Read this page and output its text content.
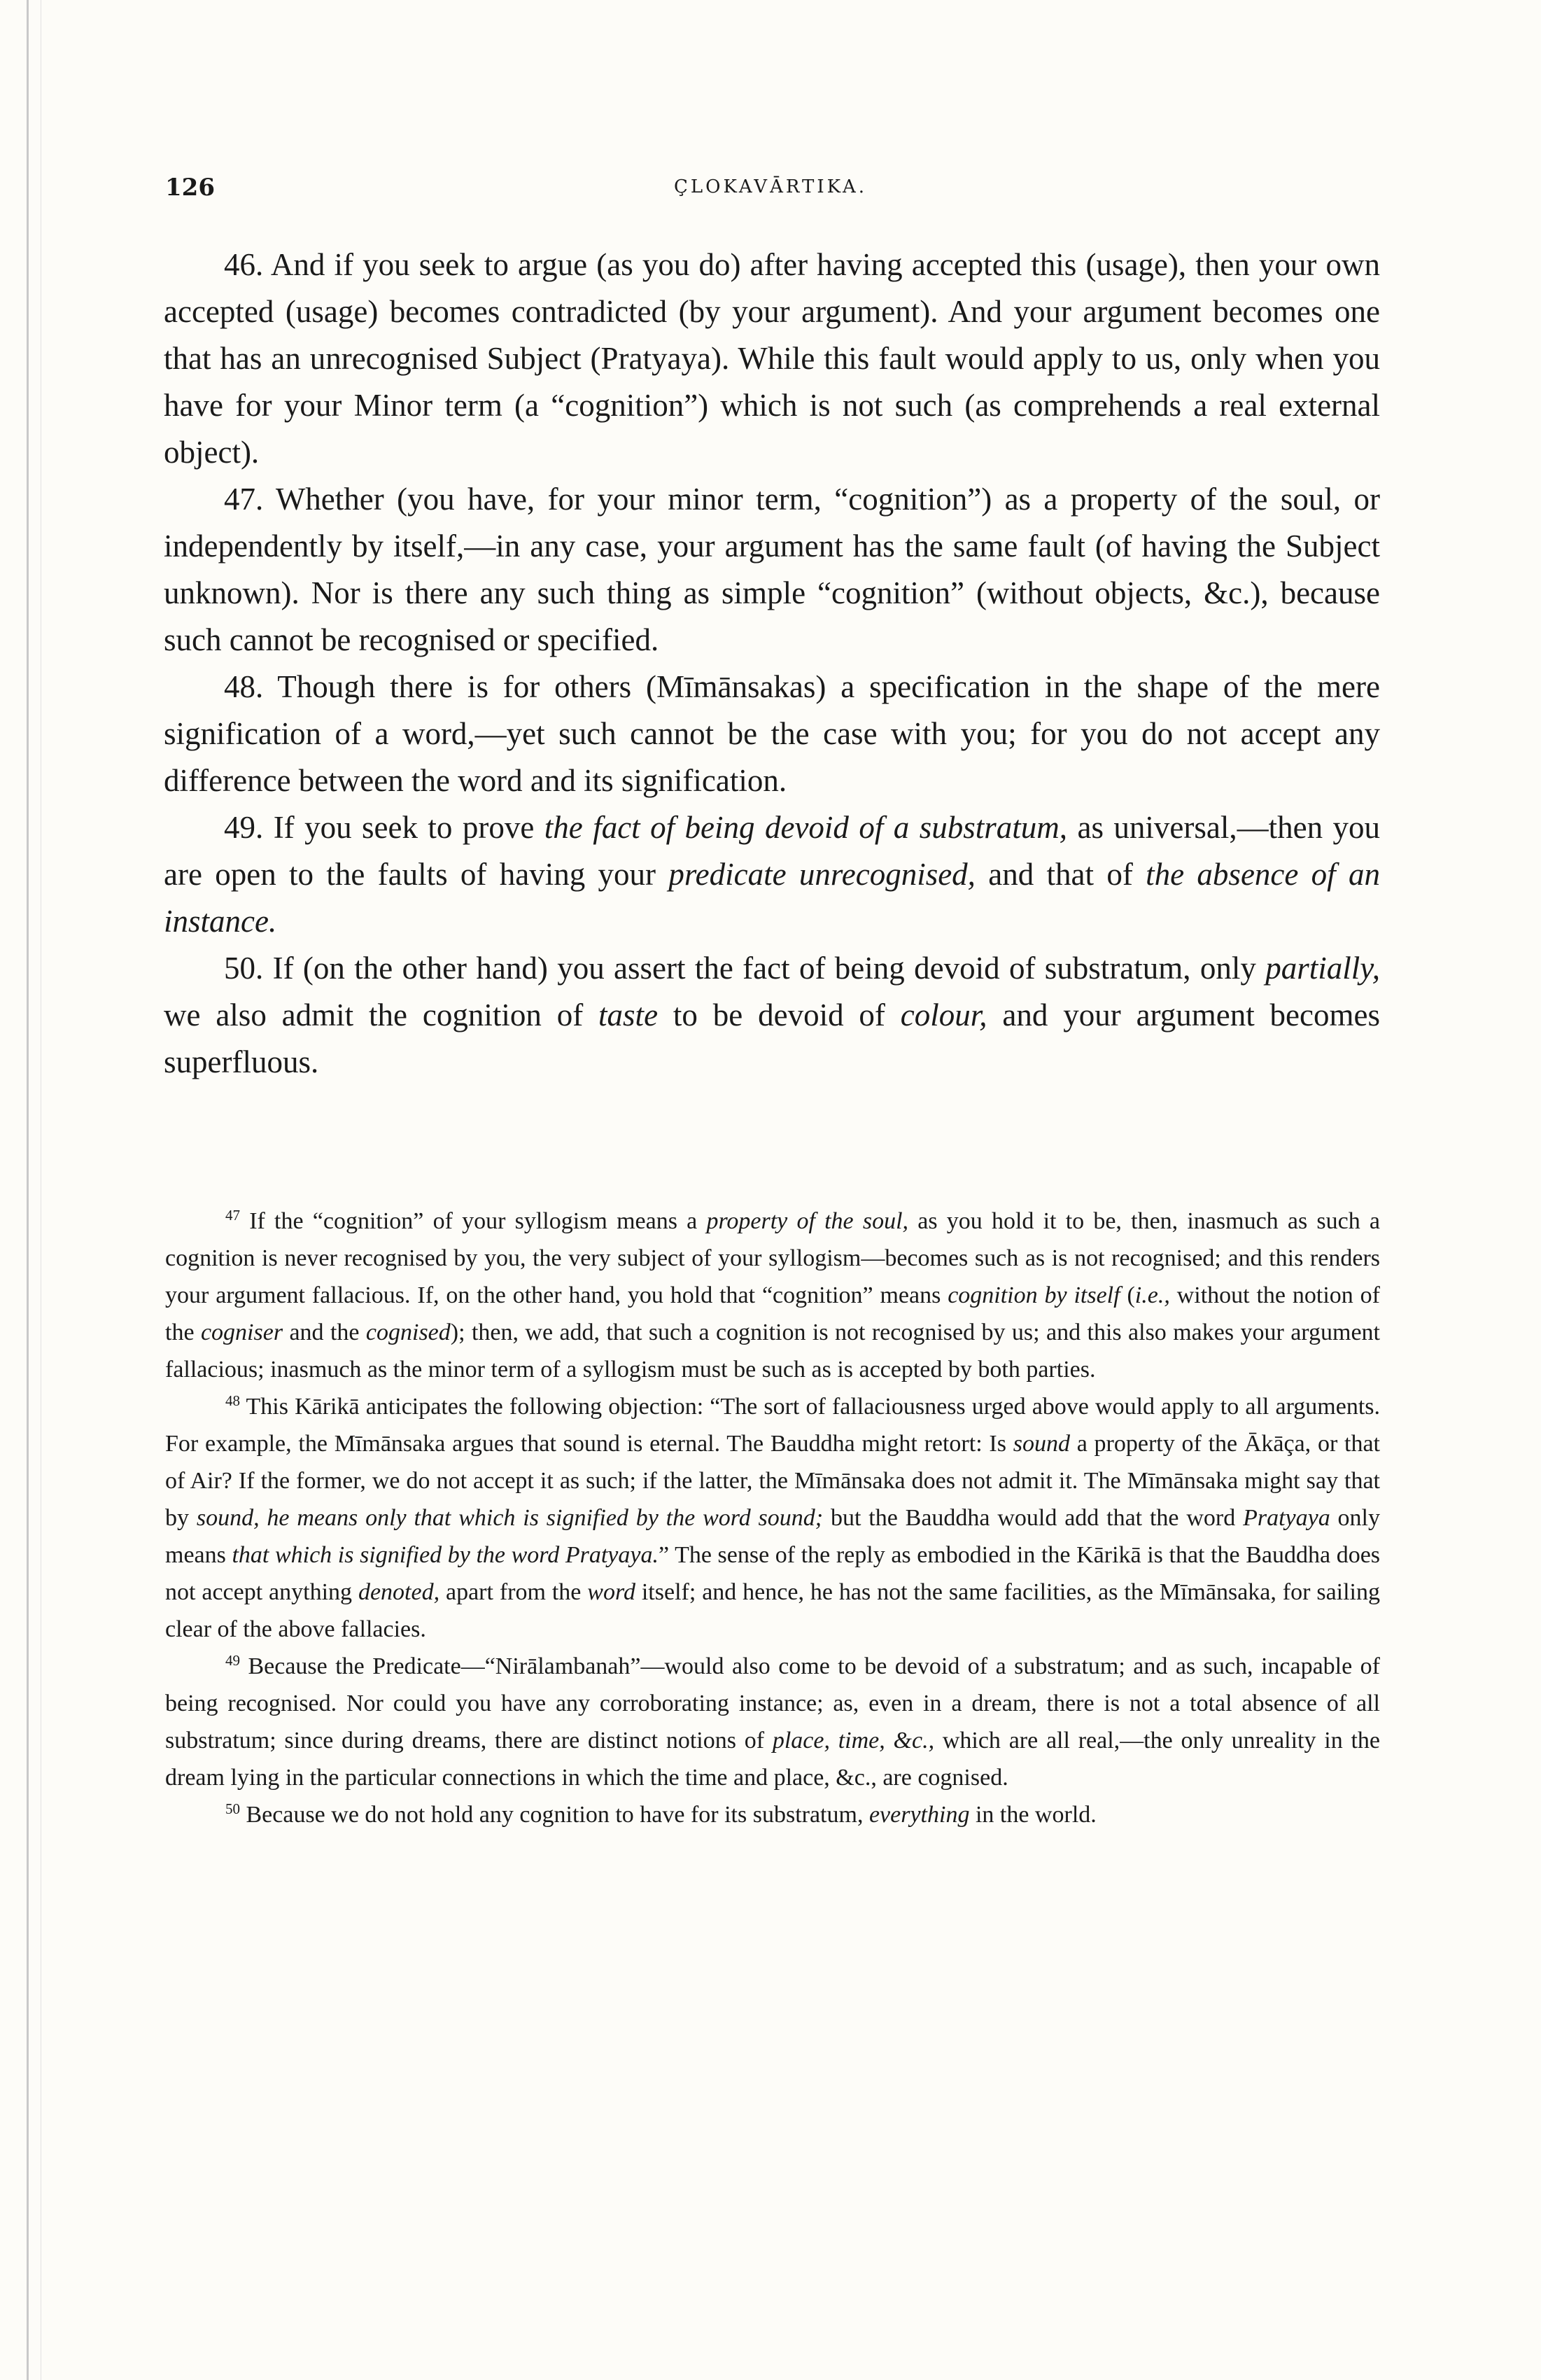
126	ÇLOKAVĀRTIKA.

46. And if you seek to argue (as you do) after having accepted this (usage), then your own accepted (usage) becomes contradicted (by your argument). And your argument becomes one that has an unrecognised Subject (Pratyaya). While this fault would apply to us, only when you have for your Minor term (a “cognition”) which is not such (as comprehends a real external object).

47. Whether (you have, for your minor term, “cognition”) as a property of the soul, or independently by itself,—in any case, your argument has the same fault (of having the Subject unknown). Nor is there any such thing as simple “cognition” (without objects, &c.), because such cannot be recognised or specified.

48. Though there is for others (Mīmānsakas) a specification in the shape of the mere signification of a word,—yet such cannot be the case with you; for you do not accept any difference between the word and its signification.

49. If you seek to prove the fact of being devoid of a substratum, as universal,—then you are open to the faults of having your predicate unrecognised, and that of the absence of an instance.

50. If (on the other hand) you assert the fact of being devoid of substratum, only partially, we also admit the cognition of taste to be devoid of colour, and your argument becomes superfluous.

$^{47}$ If the “cognition” of your syllogism means a property of the soul, as you hold it to be, then, inasmuch as such a cognition is never recognised by you, the very subject of your syllogism—becomes such as is not recognised; and this renders your argument fallacious. If, on the other hand, you hold that “cognition” means cognition by itself (i.e., without the notion of the cogniser and the cognised); then, we add, that such a cognition is not recognised by us; and this also makes your argument fallacious; inasmuch as the minor term of a syllogism must be such as is accepted by both parties.

$^{48}$ This Kārikā anticipates the following objection: “The sort of fallaciousness urged above would apply to all arguments. For example, the Mīmānsaka argues that sound is eternal. The Bauddha might retort: Is sound a property of the Ākāça, or that of Air? If the former, we do not accept it as such; if the latter, the Mīmānsaka does not admit it. The Mīmānsaka might say that by sound, he means only that which is signified by the word sound; but the Bauddha would add that the word Pratyaya only means that which is signified by the word Pratyaya.” The sense of the reply as embodied in the Kārikā is that the Bauddha does not accept anything denoted, apart from the word itself; and hence, he has not the same facilities, as the Mīmānsaka, for sailing clear of the above fallacies.

$^{49}$ Because the Predicate—“Nirālambanah”—would also come to be devoid of a substratum; and as such, incapable of being recognised. Nor could you have any corroborating instance; as, even in a dream, there is not a total absence of all substratum; since during dreams, there are distinct notions of place, time, &c., which are all real,—the only unreality in the dream lying in the particular connections in which the time and place, &c., are cognised.

$^{50}$ Because we do not hold any cognition to have for its substratum, everything in the world.
